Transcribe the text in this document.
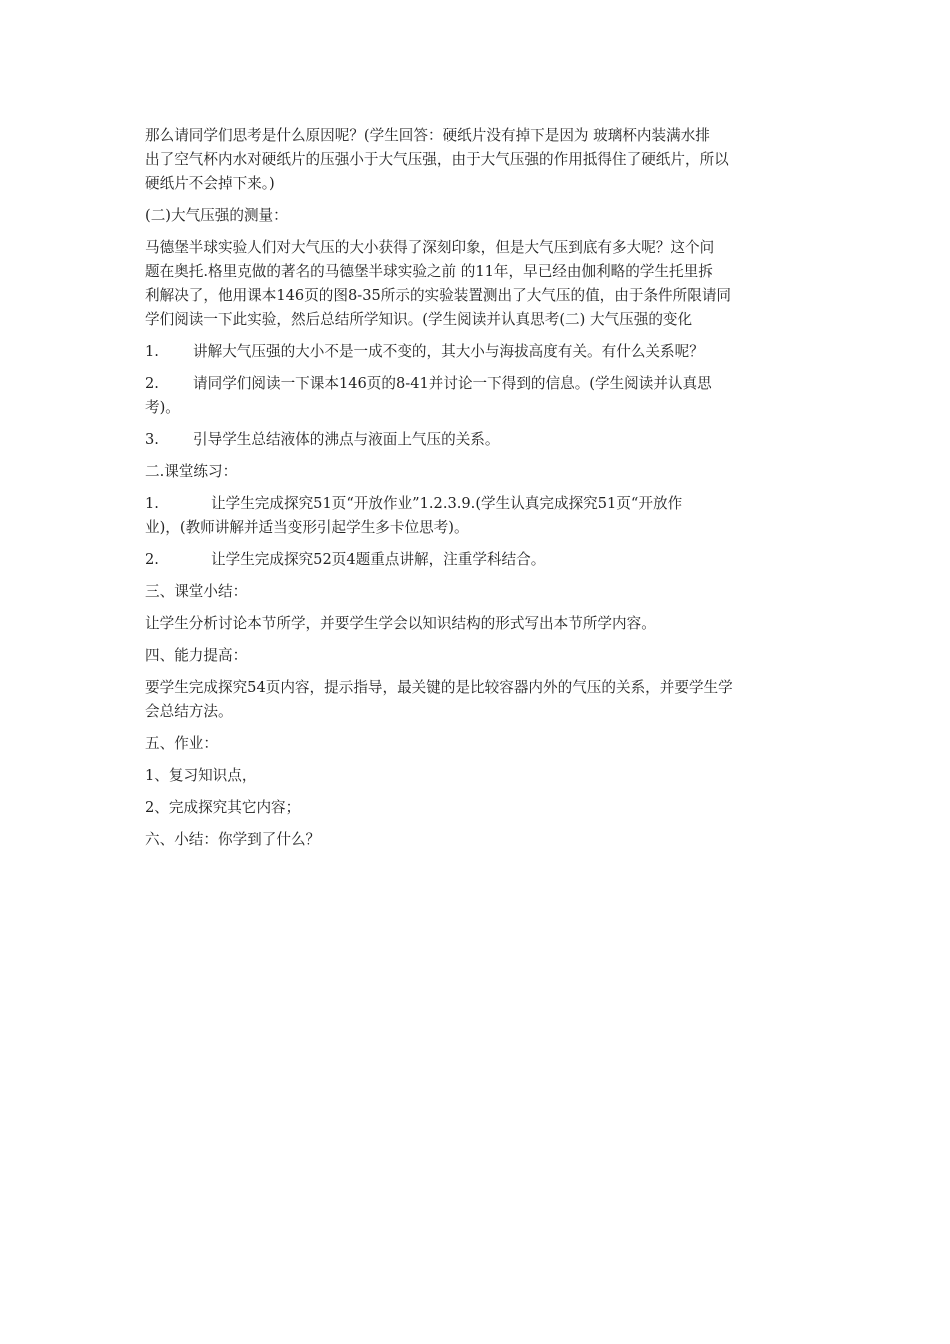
那么请同学们思考是什么原因呢？(学生回答：硬纸片没有掉下是因为 玻璃杯内装满水排
出了空气杯内水对硬纸片的压强小于大气压强，由于大气压强的作用抵得住了硬纸片，所以
硬纸片不会掉下来。)

(二)大气压强的测量：

马德堡半球实验人们对大气压的大小获得了深刻印象，但是大气压到底有多大呢？这个问
题在奥托.格里克做的著名的马德堡半球实验之前 的11年，早已经由伽利略的学生托里拆
利解决了，他用课本146页的图8-35所示的实验装置测出了大气压的值，由于条件所限请同
学们阅读一下此实验，然后总结所学知识。(学生阅读并认真思考(二) 大气压强的变化

1.	讲解大气压强的大小不是一成不变的，其大小与海拔高度有关。有什么关系呢？
2.	请同学们阅读一下课本146页的8-41并讨论一下得到的信息。(学生阅读并认真思
考)。
3.	引导学生总结液体的沸点与液面上气压的关系。

二.课堂练习：

1.	让学生完成探究51页“开放作业”1.2.3.9.(学生认真完成探究51页“开放作
业)，(教师讲解并适当变形引起学生多卡位思考)。
2.	让学生完成探究52页4题重点讲解，注重学科结合。

三、课堂小结：

让学生分析讨论本节所学，并要学生学会以知识结构的形式写出本节所学内容。

四、能力提高：

要学生完成探究54页内容，提示指导，最关键的是比较容器内外的气压的关系，并要学生学
会总结方法。

五、作业：

1、复习知识点，

2、完成探究其它内容；

六、小结：你学到了什么？
